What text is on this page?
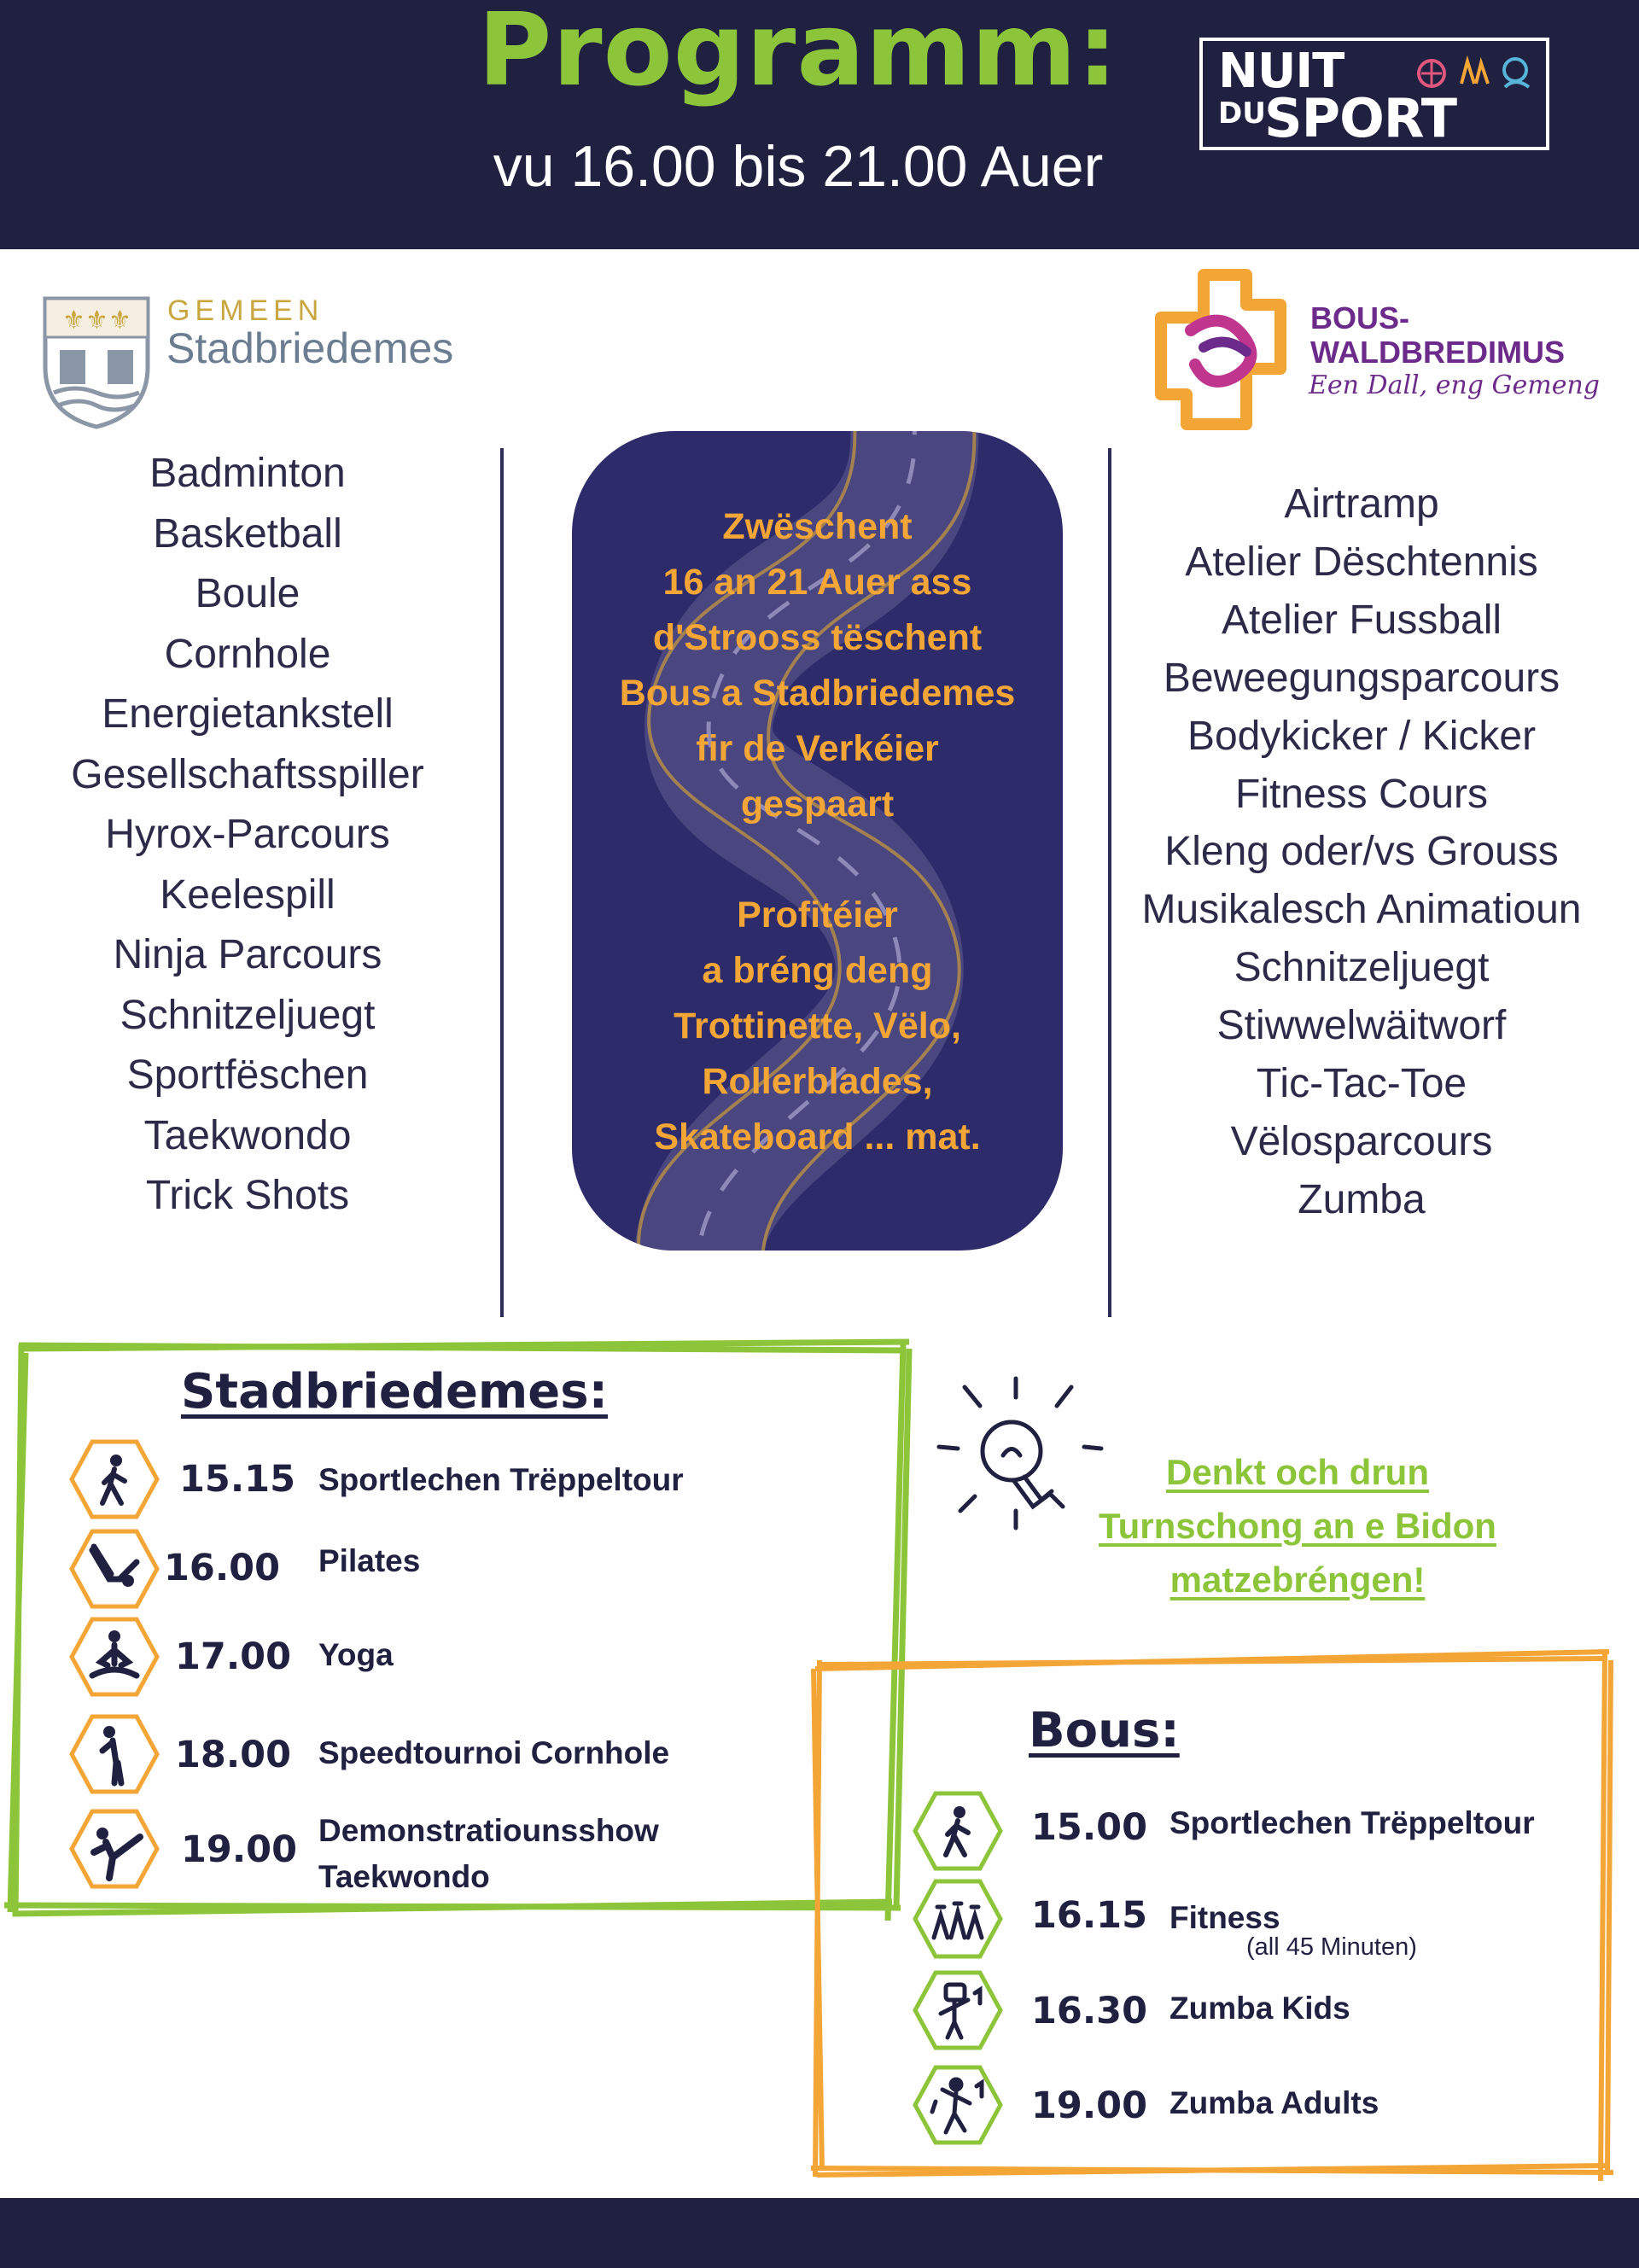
Programm:
vu 16.00 bis 21.00 Auer
NUIT
DU
SPORT
⚜ ⚜ ⚜ GEMEEN
Stadbriedemes
BOUS-
WALDBREDIMUS
Een Dall, eng Gemeng
Badminton
Basketball
Boule
Cornhole
Energietankstell
Gesellschaftsspiller
Hyrox-Parcours
Keelespill
Ninja Parcours
Schnitzeljuegt
Sportfëschen
Taekwondo
Trick Shots
Airtramp
Atelier Dëschtennis
Atelier Fussball
Beweegungsparcours
Bodykicker / Kicker
Fitness Cours
Kleng oder/vs Grouss
Musikalesch Animatioun
Schnitzeljuegt
Stiwwelwäitworf
Tic-Tac-Toe
Vëlosparcours
Zumba
Zwëschent
16 an 21 Auer ass
d'Strooss tëschent
Bous a Stadbriedemes
fir de Verkéier
gespaart
Profitéier
a bréng deng
Trottinette, Vëlo,
Rollerblades,
Skateboard ... mat.
Stadbriedemes:
15.15 Sportlechen Trëppeltour
16.00 Pilates
17.00 Yoga
18.00 Speedtournoi Cornhole
19.00 Demonstratiounsshow
Taekwondo
Denkt och drun
Turnschong an e Bidon
matzebréngen!
Bous:
15.00 Sportlechen Trëppeltour
16.15 Fitness
(all 45 Minuten)
16.30 Zumba Kids
19.00 Zumba Adults
